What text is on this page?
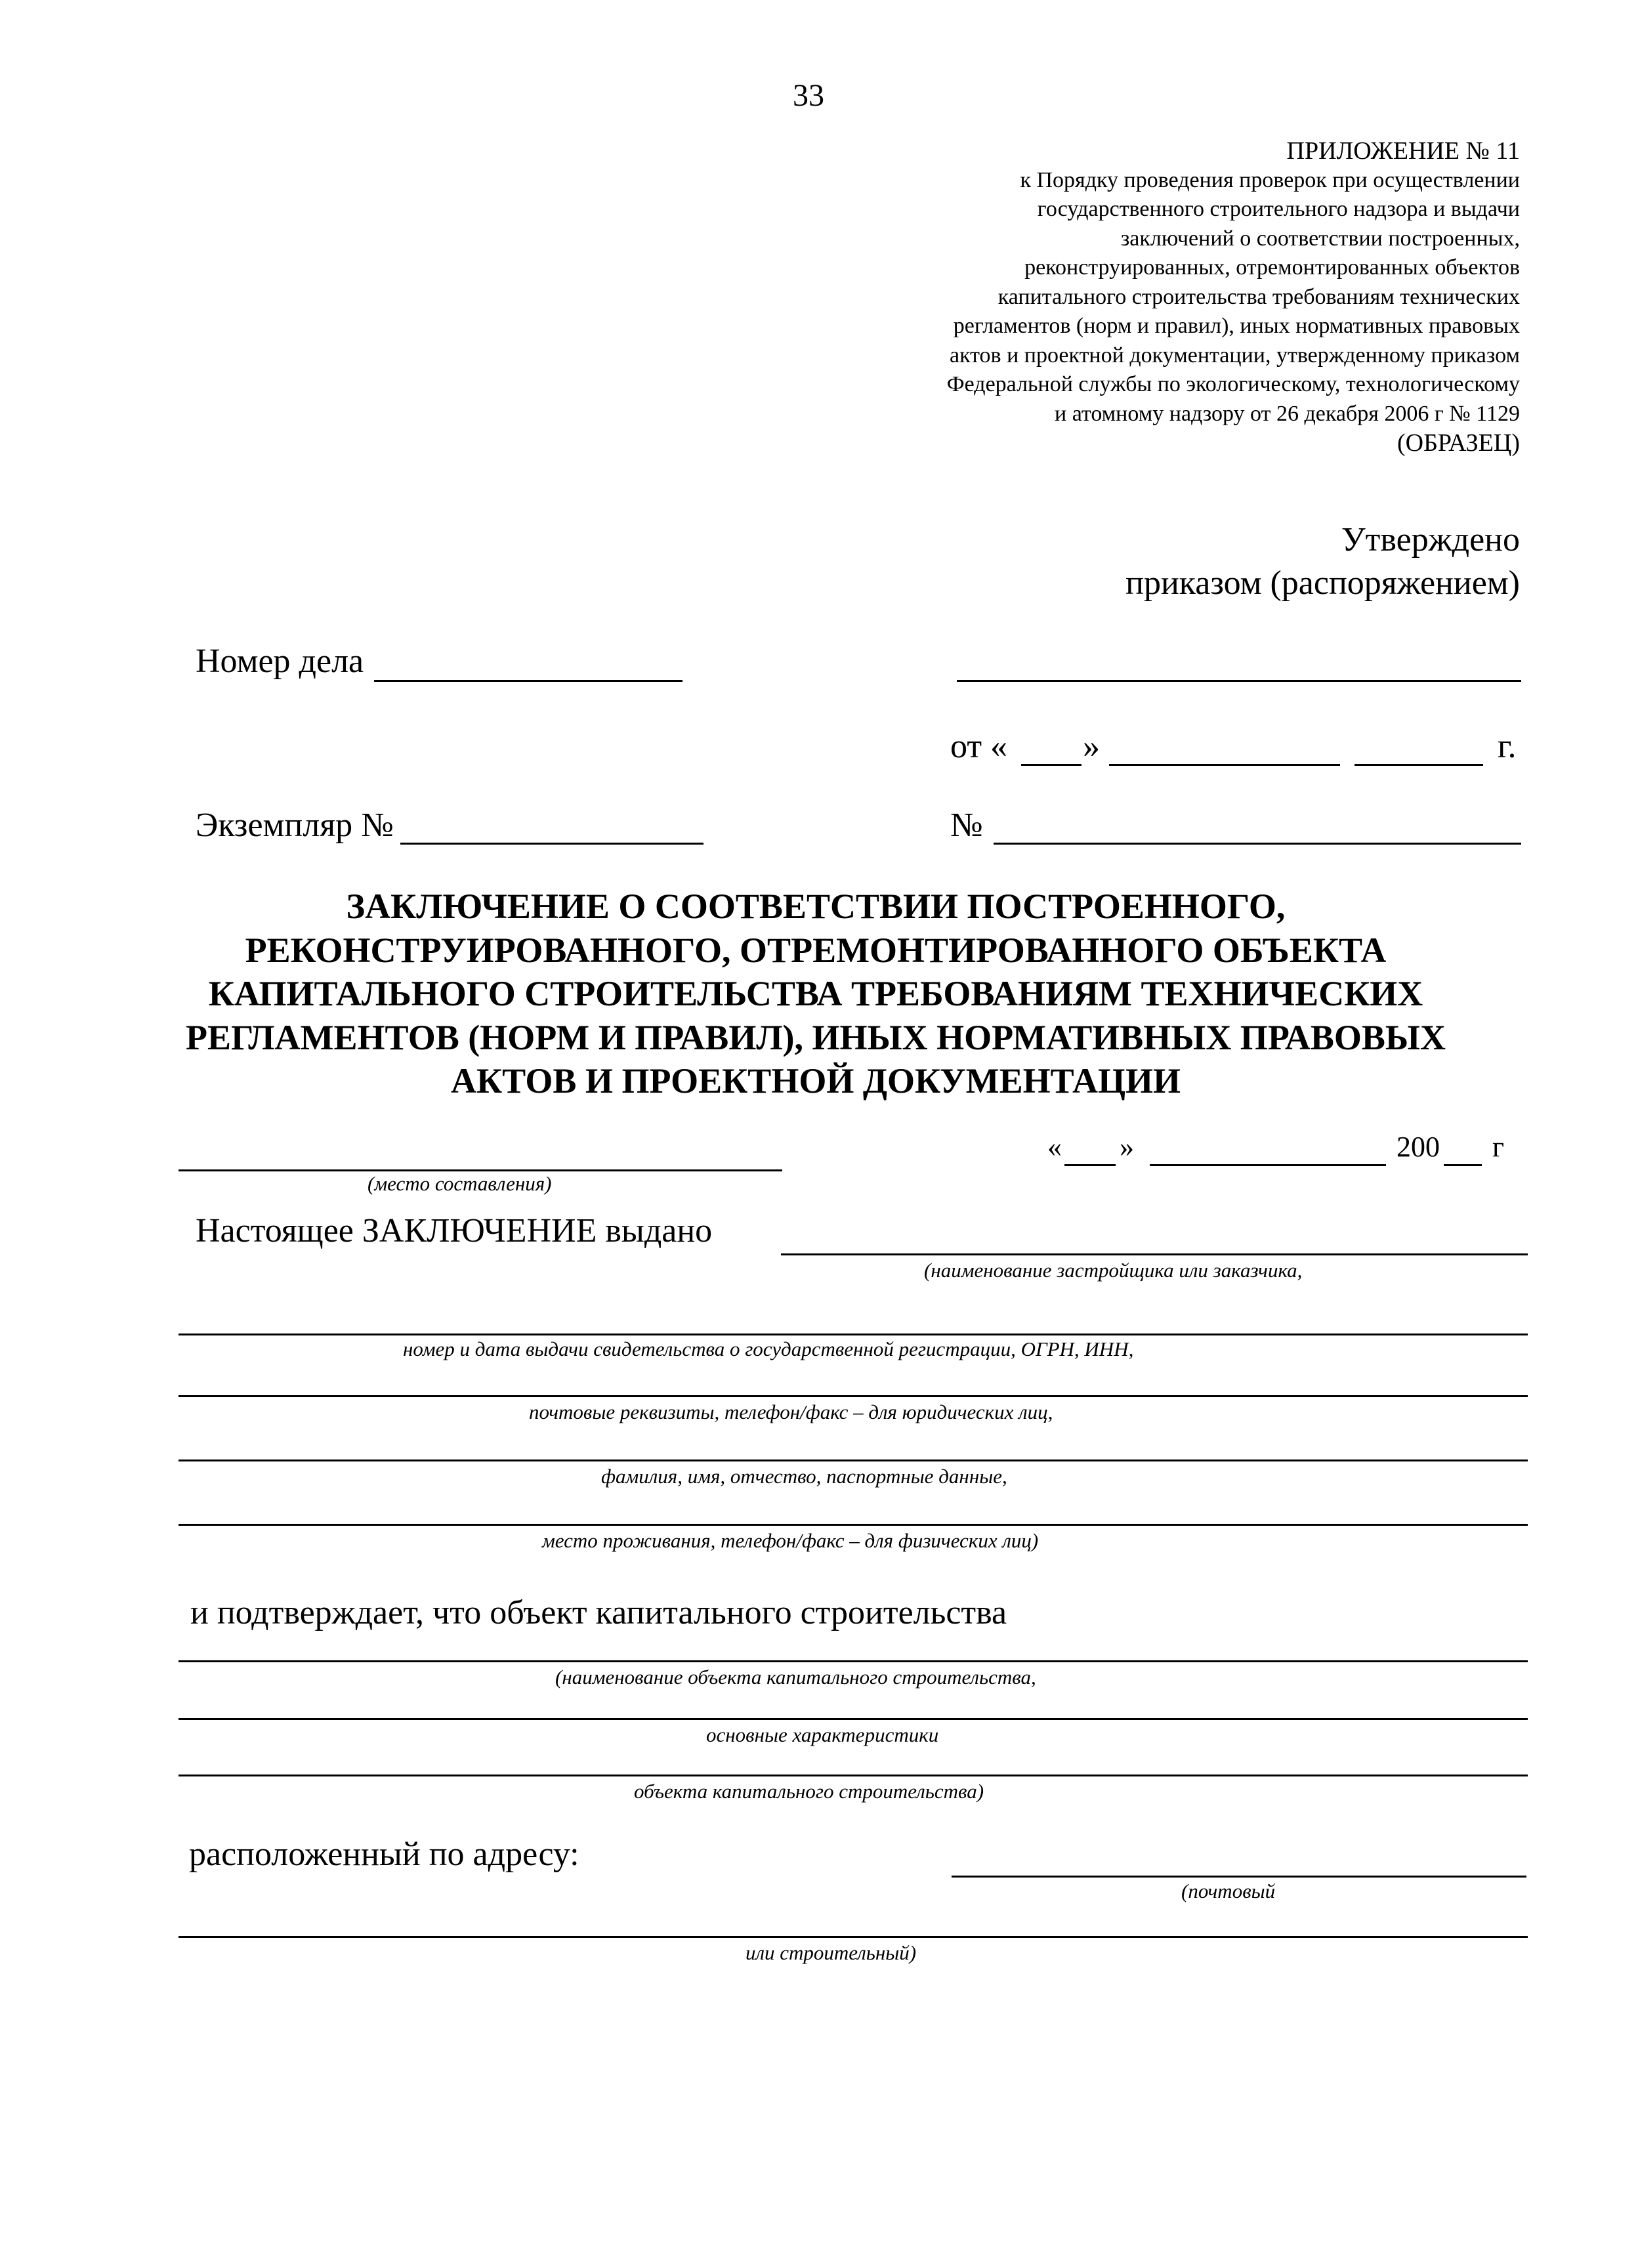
33
ПРИЛОЖЕНИЕ № 11
к Порядку проведения проверок при осуществлении
государственного строительного надзора и выдачи
заключений о соответствии построенных,
реконструированных, отремонтированных объектов
капитального строительства требованиям технических
регламентов (норм и правил), иных нормативных правовых
актов и проектной документации, утвержденному приказом
Федеральной службы по экологическому, технологическому
и атомному надзору от 26 декабря 2006 г № 1129
(ОБРАЗЕЦ)
Утверждено
приказом (распоряжением)
Номер дела
от « »	г.
Экземпляр №	№
ЗАКЛЮЧЕНИЕ О СООТВЕТСТВИИ ПОСТРОЕННОГО,
РЕКОНСТРУИРОВАННОГО, ОТРЕМОНТИРОВАННОГО ОБЪЕКТА
КАПИТАЛЬНОГО СТРОИТЕЛЬСТВА ТРЕБОВАНИЯМ ТЕХНИЧЕСКИХ
РЕГЛАМЕНТОВ (НОРМ И ПРАВИЛ), ИНЫХ НОРМАТИВНЫХ ПРАВОВЫХ
АКТОВ И ПРОЕКТНОЙ ДОКУМЕНТАЦИИ
(место составления)
« »	200 г
Настоящее ЗАКЛЮЧЕНИЕ выдано
(наименование застройщика или заказчика,
номер и дата выдачи свидетельства о государственной регистрации, ОГРН, ИНН,
почтовые реквизиты, телефон/факс – для юридических лиц,
фамилия, имя, отчество, паспортные данные,
место проживания, телефон/факс – для физических лиц)
и подтверждает, что объект капитального строительства
(наименование объекта капитального строительства,
основные характеристики
объекта капитального строительства)
расположенный по адресу:
(почтовый
или строительный)
